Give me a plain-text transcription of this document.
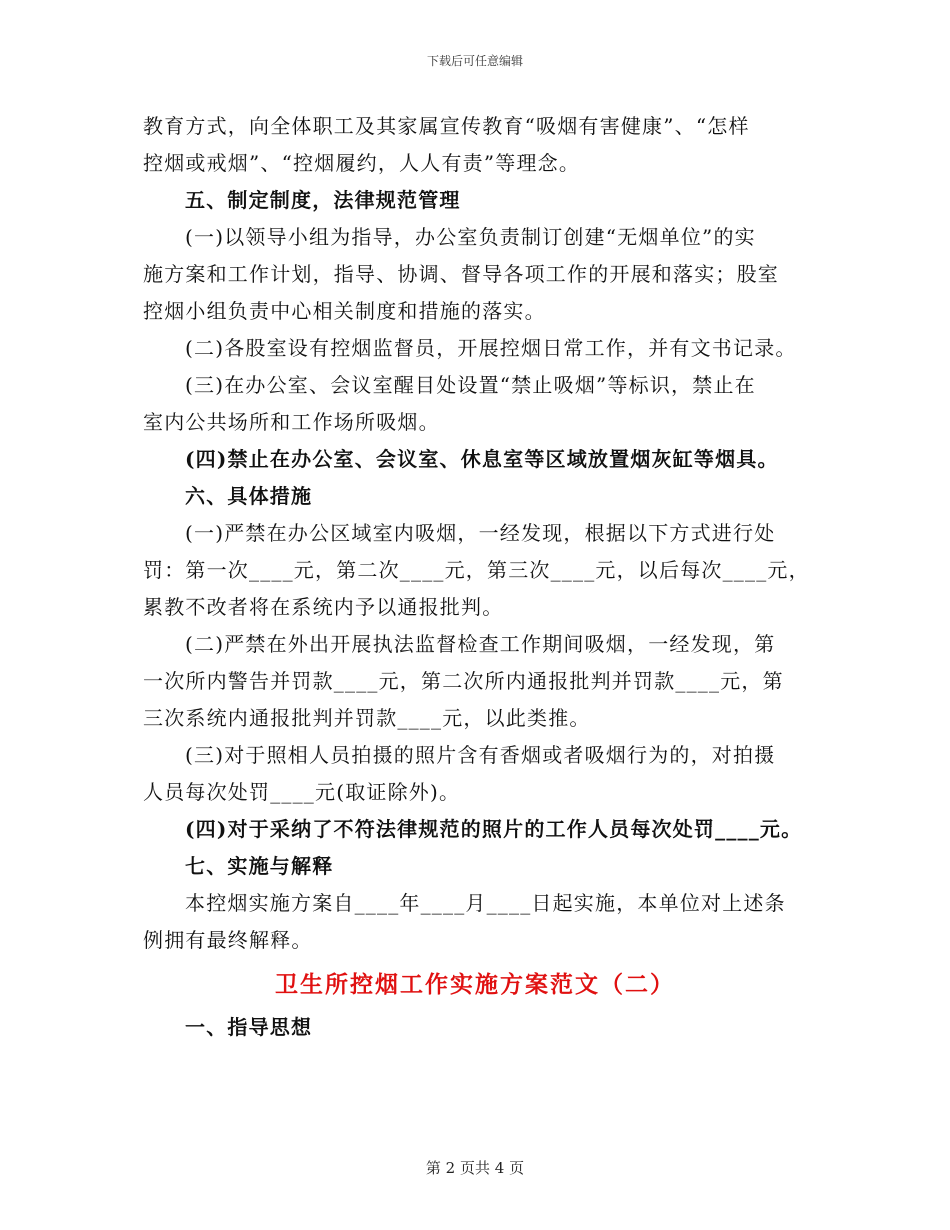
下载后可任意编辑
教育方式，向全体职工及其家属宣传教育“吸烟有害健康”、“怎样
控烟或戒烟”、“控烟履约，人人有责”等理念。
五、制定制度，法律规范管理
(一)以领导小组为指导，办公室负责制订创建“无烟单位”的实
施方案和工作计划，指导、协调、督导各项工作的开展和落实；股室
控烟小组负责中心相关制度和措施的落实。
(二)各股室设有控烟监督员，开展控烟日常工作，并有文书记录。
(三)在办公室、会议室醒目处设置“禁止吸烟”等标识，禁止在
室内公共场所和工作场所吸烟。
(四)禁止在办公室、会议室、休息室等区域放置烟灰缸等烟具。
六、具体措施
(一)严禁在办公区域室内吸烟，一经发现，根据以下方式进行处
罚：第一次____元，第二次____元，第三次____元，以后每次____元，
累教不改者将在系统内予以通报批判。
(二)严禁在外出开展执法监督检查工作期间吸烟，一经发现，第
一次所内警告并罚款____元，第二次所内通报批判并罚款____元，第
三次系统内通报批判并罚款____元，以此类推。
(三)对于照相人员拍摄的照片含有香烟或者吸烟行为的，对拍摄
人员每次处罚____元(取证除外)。
(四)对于采纳了不符法律规范的照片的工作人员每次处罚____元。
七、实施与解释
本控烟实施方案自____年____月____日起实施，本单位对上述条
例拥有最终解释。
卫生所控烟工作实施方案范文（二）
一、指导思想
第 2 页共 4 页
